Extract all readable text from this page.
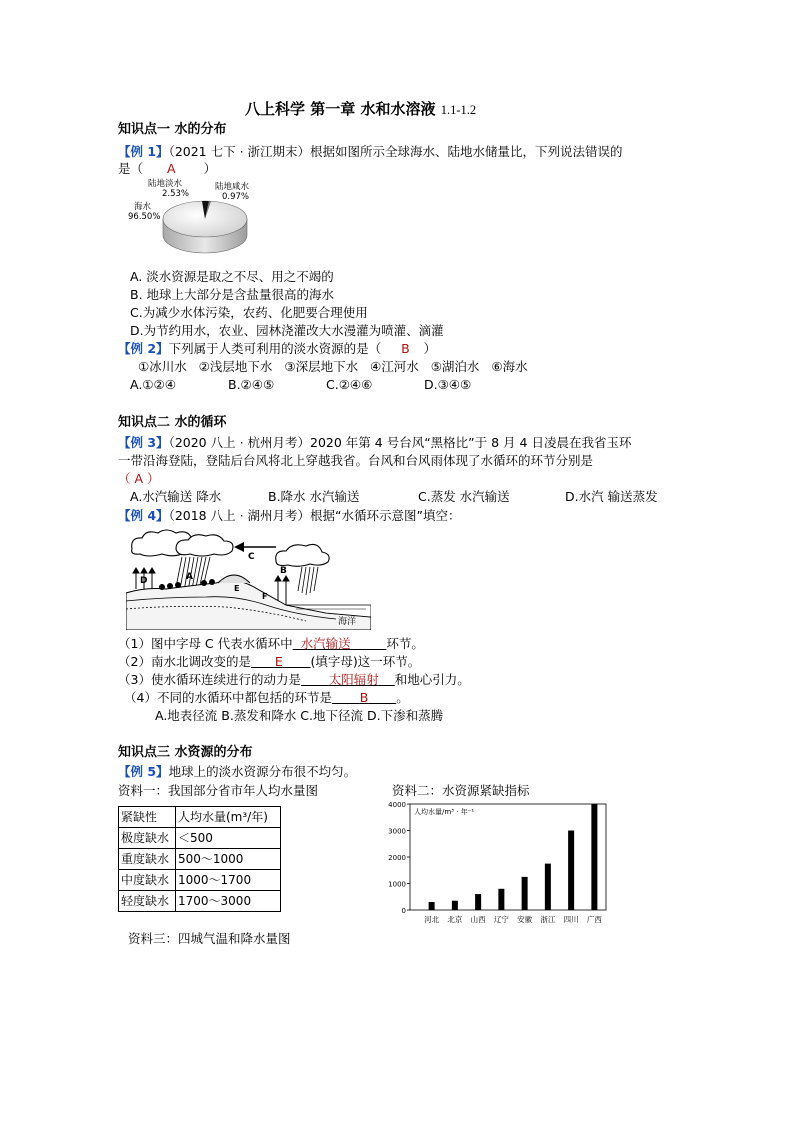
八上科学 第一章 水和水溶液 1.1-1.2
知识点一 水的分布
【例 1】（2021 七下 · 浙江期末）根据如图所示全球海水、陆地水储量比，下列说法错误的
是（ A ）
陆地淡水
2.53%
陆地咸水
0.97%
海水
96.50%
A. 淡水资源是取之不尽、用之不竭的
B. 地球上大部分是含盐量很高的海水
C.为减少水体污染，农药、化肥要合理使用
D.为节约用水，农业、园林浇灌改大水漫灌为喷灌、滴灌
【例 2】下列属于人类可利用的淡水资源的是（ B ）
①冰川水 ②浅层地下水 ③深层地下水 ④江河水 ⑤湖泊水 ⑥海水
A.①②④	B.②④⑤	C.②④⑥	D.③④⑤
知识点二 水的循环
【例 3】（2020 八上 · 杭州月考）2020 年第 4 号台风“黑格比”于 8 月 4 日凌晨在我省玉环
一带沿海登陆，登陆后台风将北上穿越我省。台风和台风雨体现了水循环的环节分别是
（ A ）
A.水汽输送 降水	B.降水 水汽输送	C.蒸发 水汽输送	D.水汽 输送蒸发
【例 4】（2018 八上 · 湖州月考）根据“水循环示意图”填空：
C
D	A
B
E
F
海洋
（1）图中字母 C 代表水循环中 水汽输送	环节。
（2）南水北调改变的是 E (填字母)这一环节。
（3）使水循环连续进行的动力是 太阳辐射 和地心引力。
（4）不同的水循环中都包括的环节是 B 。
A.地表径流 B.蒸发和降水 C.地下径流 D.下渗和蒸腾
知识点三 水资源的分布
【例 5】地球上的淡水资源分布很不均匀。
资料一：我国部分省市年人均水量图	资料二：水资源紧缺指标
紧缺性	人均水量(m³/年)
极度缺水	＜500
重度缺水	500～1000
中度缺水	1000～1700
轻度缺水	1700～3000
0
1000
2000
3000
4000
人均水量/m³ · 年⁻¹
河北 北京 山西 辽宁 安徽 浙江 四川 广西
资料三：四城气温和降水量图
